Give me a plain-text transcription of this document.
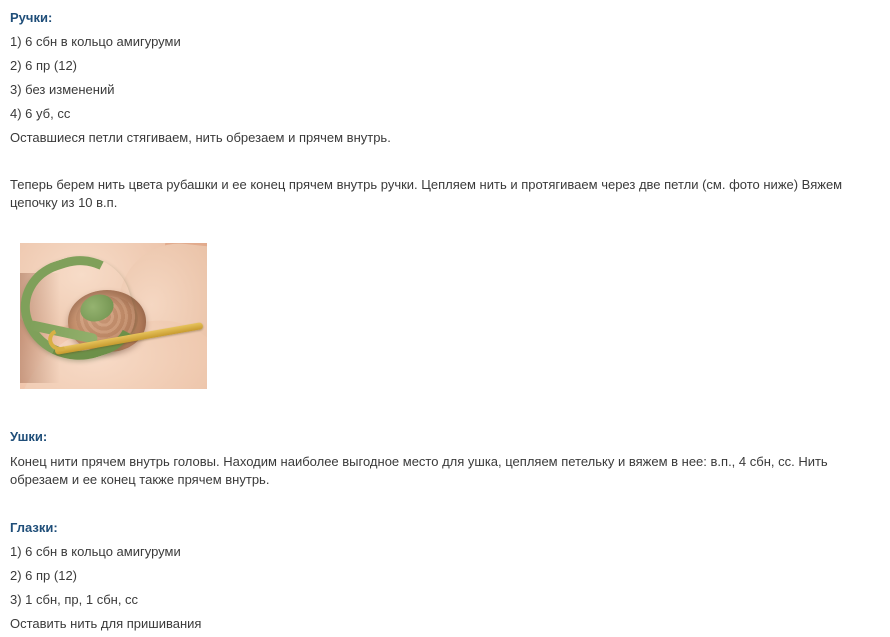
Ручки:
1) 6 сбн в кольцо амигуруми
2) 6 пр (12)
3) без изменений
4) 6 уб, сс
Оставшиеся петли стягиваем, нить обрезаем и прячем внутрь.
Теперь берем нить цвета рубашки и ее конец прячем внутрь ручки. Цепляем нить и протягиваем через две петли (см. фото ниже) Вяжем цепочку из 10 в.п.
Ушки:
Конец нити прячем внутрь головы. Находим наиболее выгодное место для ушка, цепляем петельку и вяжем в нее: в.п., 4 сбн, сс. Нить обрезаем и ее конец также прячем внутрь.
Глазки:
1) 6 сбн в кольцо амигуруми
2) 6 пр (12)
3) 1 сбн, пр, 1 сбн, сс
Оставить нить для пришивания
